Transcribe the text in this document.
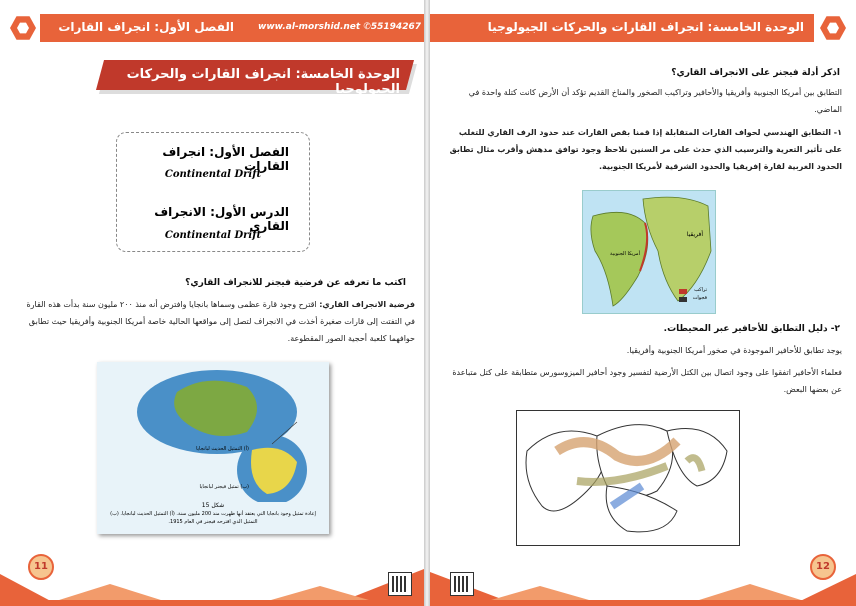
الفصل الأول: انجراف القارات	www.al-morshid.net ✆55194267
الوحدة الخامسة: انجراف القارات والحركات الجيولوجيا
الفصل الأول: انجراف القارات
Continental Drift
الدرس الأول: الانجراف القاري
Continental Drift
اكتب ما تعرفه عن فرضية فيجنر للانجراف القاري؟
فرضية الانجراف القاري: اقترح وجود قارة عظمى وسماها بانجايا وافترض أنه منذ ٢٠٠ مليون سنة بدأت هذه القارة في التفتت إلى قارات صغيرة أخذت في الانجراف لتصل إلى مواقعها الحالية خاصة أمريكا الجنوبية وأفريقيا حيث تطابق حوافهما كلعبة أحجية الصور المقطوعة.
(أ) التمثيل الحديث لبانجايا
(ب) تمثيل فيجنر لبانجايا
شكل 15
إعادة تمثيل وجود بانجايا التي يعتقد أنها ظهرت منذ 200 مليون سنة. (أ) التمثيل الحديث لبانجايا. (ب) التمثيل الذي اقترحه فيجنر في العام 1915.
11
الوحدة الخامسة: انجراف القارات والحركات الجيولوجيا
اذكر أدلة فيجنر على الانجراف القاري؟
التطابق بين أمريكا الجنوبية وأفريقيا والأحافير وتراكيب الصخور والمناخ القديم تؤكد أن الأرض كانت كتلة واحدة في الماضي.
١- التطابق الهندسي لحواف القارات المتقابلة إذا قمنا بقص القارات عند حدود الرف القاري للتغلب على تأثير التعرية والترسيب الذي حدث على مر السنين نلاحظ وجود توافق مدهش وأقرب مثال تطابق الحدود الغربية لقارة إفريقيا والحدود الشرقية لأمريكا الجنوبية.
أفريقيا
أمريكا الجنوبية
تراكب
فجوات
٢- دليل التطابق للأحافير عبر المحيطات.
يوجد تطابق للأحافير الموجودة في صخور أمريكا الجنوبية وأفريقيا.
فعلماء الأحافير اتفقوا على وجود اتصال بين الكتل الأرضية لتفسير وجود أحافير الميزوسورس متطابقة على كتل متباعدة عن بعضها البعض.
12
